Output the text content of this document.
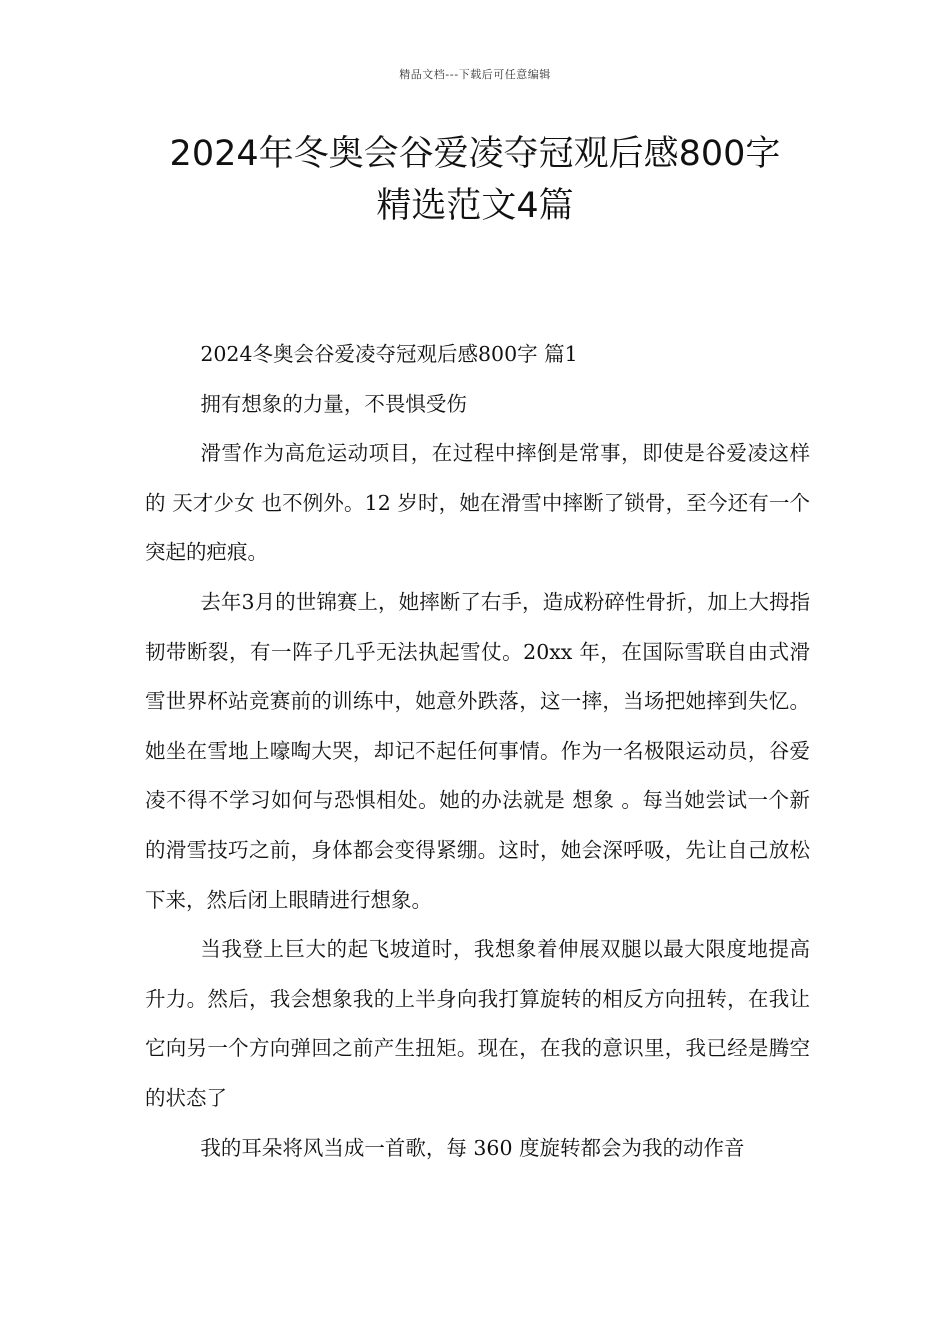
精品文档---下载后可任意编辑
2024年冬奥会谷爱凌夺冠观后感800字
精选范文4篇

2024冬奥会谷爱凌夺冠观后感800字 篇1

拥有想象的力量，不畏惧受伤

滑雪作为高危运动项目，在过程中摔倒是常事，即使是谷爱凌这样的 天才少女 也不例外。12 岁时，她在滑雪中摔断了锁骨，至今还有一个突起的疤痕。

去年3月的世锦赛上，她摔断了右手，造成粉碎性骨折，加上大拇指韧带断裂，有一阵子几乎无法执起雪仗。20xx 年，在国际雪联自由式滑雪世界杯站竞赛前的训练中，她意外跌落，这一摔，当场把她摔到失忆。她坐在雪地上嚎啕大哭，却记不起任何事情。作为一名极限运动员，谷爱凌不得不学习如何与恐惧相处。她的办法就是 想象 。每当她尝试一个新的滑雪技巧之前，身体都会变得紧绷。这时，她会深呼吸，先让自己放松下来，然后闭上眼睛进行想象。

当我登上巨大的起飞坡道时，我想象着伸展双腿以最大限度地提高升力。然后，我会想象我的上半身向我打算旋转的相反方向扭转，在我让它向另一个方向弹回之前产生扭矩。现在，在我的意识里，我已经是腾空的状态了

我的耳朵将风当成一首歌，每 360 度旋转都会为我的动作音
